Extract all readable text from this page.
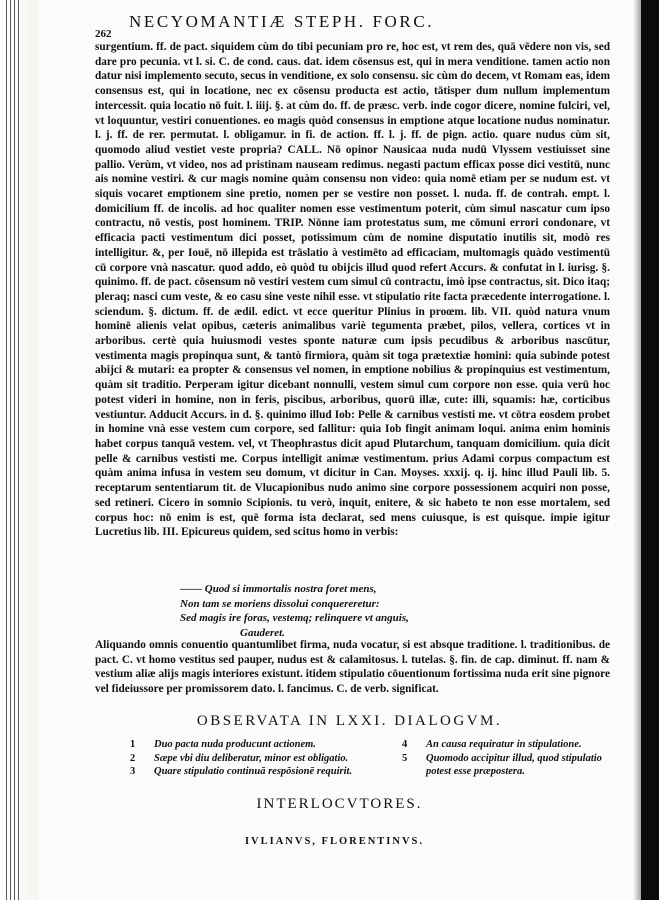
262
NECYOMANTIÆ STEPH. FORC.

surgentium. ff. de pact. siquidem cùm do tibi pecuniam pro re, hoc est, vt rem des, quā vēdere non vis, sed dare pro pecunia. vt l. si. C. de cond. caus. dat. idem cōsensus est, qui in mera venditione. tamen actio non datur nisi implemento secuto, secus in venditione, ex solo consensu. sic cùm do decem, vt Romam eas, idem consensus est, qui in locatione, nec ex cōsensu producta est actio, tātisper dum nullum implementum intercessit. quia locatio nō fuit. l. iiij. §. at cùm do. ff. de præsc. verb. inde cogor dicere, nomine fulciri, vel, vt loquuntur, vestiri conuentiones. eo magis quòd consensus in emptione atque locatione nudus nominatur. l. j. ff. de rer. permutat. l. obligamur. in fi. de action. ff. l. j. ff. de pign. actio. quare nudus cùm sit, quomodo aliud vestiet veste propria? CALL. Nō opinor Nausicaa nuda nudū Vlyssem vestiuisset sine pallio. Verùm, vt video, nos ad pristinam nauseam redimus. negasti pactum efficax posse dici vestitū, nunc ais nomine vestiri. & cur magis nomine quàm consensu non video: quia nomē etiam per se nudum est. vt siquis vocaret emptionem sine pretio, nomen per se vestire non posset. l. nuda. ff. de contrah. empt. l. domicilium ff. de incolis. ad hoc qualiter nomen esse vestimentum poterit, cùm simul nascatur cum ipso contractu, nō vestis, post hominem. TRIP. Nōnne iam protestatus sum, me cōmuni errori condonare, vt efficacia pacti vestimentum dici posset, potissimum cùm de nomine disputatio inutilis sit, modò res intelligitur. &, per Iouē, nō illepida est trāslatio à vestimēto ad efficaciam, multomagis quàdo vestimentū cū corpore vnà nascatur. quod addo, eò quòd tu obijcis illud quod refert Accurs. & confutat in l. iurisg. §. quinimo. ff. de pact. cōsensum nō vestiri vestem cum simul cū contractu, imò ipse contractus, sit. Dico itaq; pleraq; nasci cum veste, & eo casu sine veste nihil esse. vt stipulatio rite facta præcedente interrogatione. l. sciendum. §. dictum. ff. de ædil. edict. vt ecce queritur Plinius in proœm. lib. VII. quòd natura vnum hominē alienis velat opibus, cæteris animalibus variè tegumenta præbet, pilos, vellera, cortices vt in arboribus. certè quia huiusmodi vestes sponte naturæ cum ipsis pecudibus & arboribus nascūtur, vestimenta magis propinqua sunt, & tantò firmiora, quàm sit toga prætextiæ homini: quia subinde potest abijci & mutari: ea propter & consensus vel nomen, in emptione nobilius & propinquius est vestimentum, quàm sit traditio. Perperam igitur dicebant nonnulli, vestem simul cum corpore non esse. quia verū hoc potest videri in homine, non in feris, piscibus, arboribus, quorū illæ, cute: illi, squamis: hæ, corticibus vestiuntur. Adducit Accurs. in d. §. quinimo illud Iob: Pelle & carnibus vestisti me. vt cōtra eosdem probet in homine vnà esse vestem cum corpore, sed fallitur: quia Iob fingit animam loqui. anima enim hominis habet corpus tanquā vestem. vel, vt Theophrastus dicit apud Plutarchum, tanquam domicilium. quia dicit pelle & carnibus vestisti me. Corpus intelligit animæ vestimentum. prius Adami corpus compactum est quàm anima infusa in vestem seu domum, vt dicitur in Can. Moyses. xxxij. q. ij. hinc illud Pauli lib. 5. receptarum sententiarum tit. de Vlucapionibus nudo animo sine corpore possessionem acquiri non posse, sed retineri. Cicero in somnio Scipionis. tu verò, inquit, enitere, & sic habeto te non esse mortalem, sed corpus hoc: nō enim is est, quē forma ista declarat, sed mens cuiusque, is est quisque. impie igitur Lucretius lib. III. Epicureus quidem, sed scitus homo in verbis:

—— Quod si immortalis nostra foret mens,
Non tam se moriens dissolui conquereretur:
Sed magis ire foras, vestemq; relinquere vt anguis,
Gauderet.

Aliquando omnis conuentio quantumlibet firma, nuda vocatur, si est absque traditione. l. traditionibus. de pact. C. vt homo vestitus sed pauper, nudus est & calamitosus. l. tutelas. §. fin. de cap. diminut. ff. nam & vestium aliæ alijs magis interiores existunt. itidem stipulatio cōuentionum fortissima nuda erit sine pignore vel fideiussore per promissorem dato. l. fancimus. C. de verb. significat.

OBSERVATA IN LXXI. DIALOGVM.
1 Duo pacta nuda producunt actionem.
2 Sæpe vbi diu deliberatur, minor est obligatio.
3 Quare stipulatio continuā respōsionē requirit.
4 An causa requiratur in stipulatione.
5 Quomodo accipitur illud, quod stipulatio potest esse præpostera.
INTERLOCVTORES.
IVLIANVS, FLORENTINVS.
